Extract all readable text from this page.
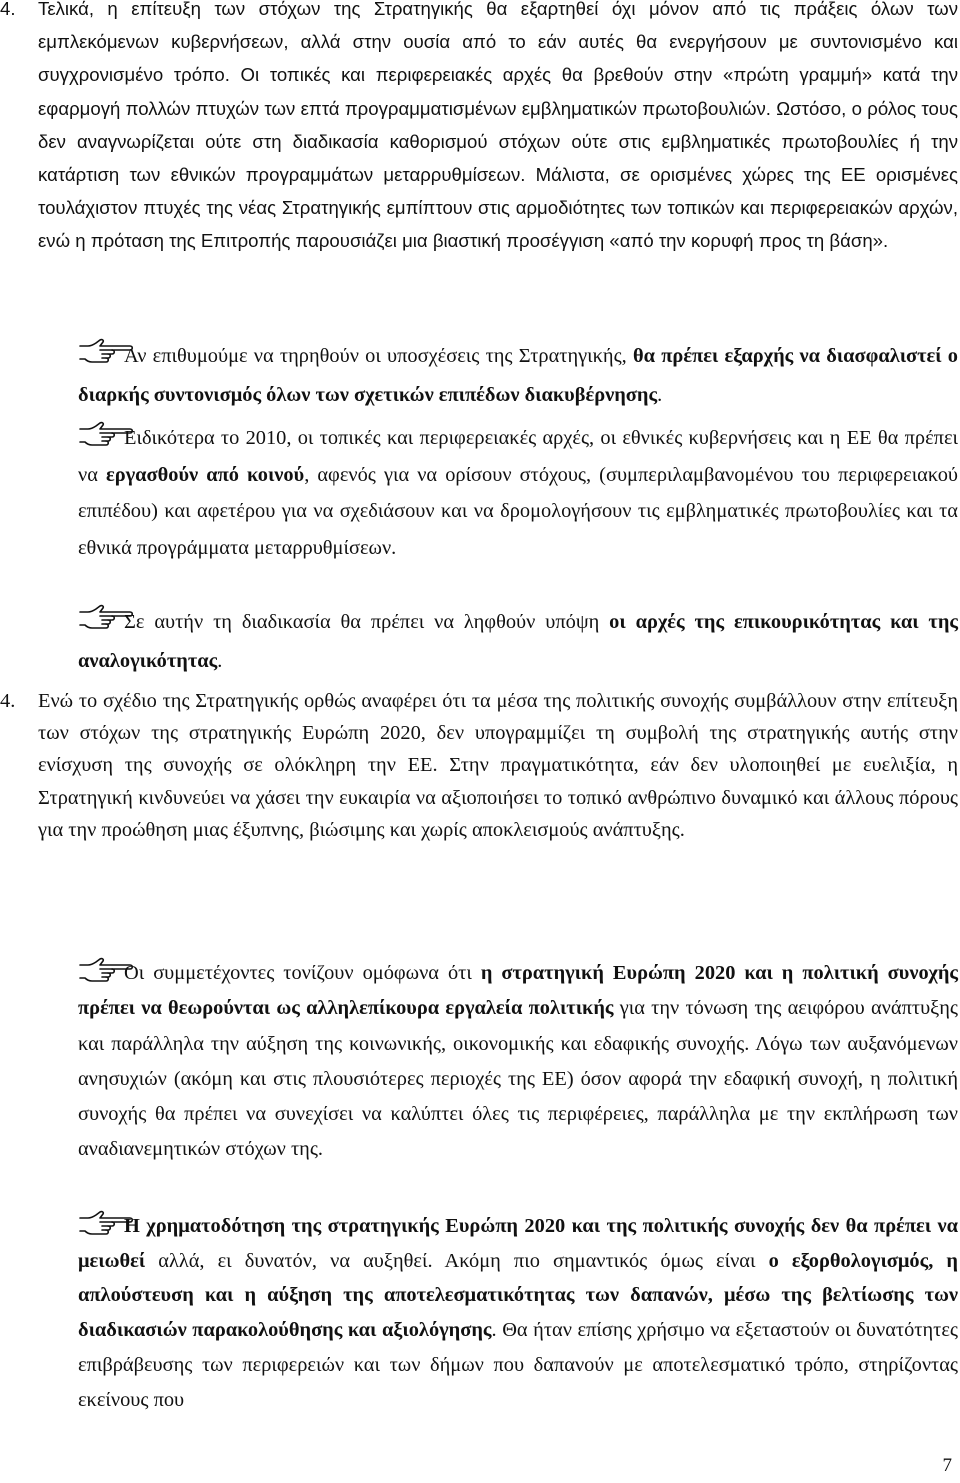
4. Τελικά, η επίτευξη των στόχων της Στρατηγικής θα εξαρτηθεί όχι μόνον από τις πράξεις όλων των εμπλεκόμενων κυβερνήσεων, αλλά στην ουσία από το εάν αυτές θα ενεργήσουν με συντονισμένο και συγχρονισμένο τρόπο. Οι τοπικές και περιφερειακές αρχές θα βρεθούν στην «πρώτη γραμμή» κατά την εφαρμογή πολλών πτυχών των επτά προγραμματισμένων εμβληματικών πρωτοβουλιών. Ωστόσο, ο ρόλος τους δεν αναγνωρίζεται ούτε στη διαδικασία καθορισμού στόχων ούτε στις εμβληματικές πρωτοβουλίες ή την κατάρτιση των εθνικών προγραμμάτων μεταρρυθμίσεων. Μάλιστα, σε ορισμένες χώρες της ΕΕ ορισμένες τουλάχιστον πτυχές της νέας Στρατηγικής εμπίπτουν στις αρμοδιότητες των τοπικών και περιφερειακών αρχών, ενώ η πρόταση της Επιτροπής παρουσιάζει μια βιαστική προσέγγιση «από την κορυφή προς τη βάση».

Αν επιθυμούμε να τηρηθούν οι υποσχέσεις της Στρατηγικής, θα πρέπει εξαρχής να διασφαλιστεί ο διαρκής συντονισμός όλων των σχετικών επιπέδων διακυβέρνησης.

Ειδικότερα το 2010, οι τοπικές και περιφερειακές αρχές, οι εθνικές κυβερνήσεις και η ΕΕ θα πρέπει να εργασθούν από κοινού, αφενός για να ορίσουν στόχους, (συμπεριλαμβανομένου του περιφερειακού επιπέδου) και αφετέρου για να σχεδιάσουν και να δρομολογήσουν τις εμβληματικές πρωτοβουλίες και τα εθνικά προγράμματα μεταρρυθμίσεων.

Σε αυτήν τη διαδικασία θα πρέπει να ληφθούν υπόψη οι αρχές της επικουρικότητας και της αναλογικότητας.

4. Ενώ το σχέδιο της Στρατηγικής ορθώς αναφέρει ότι τα μέσα της πολιτικής συνοχής συμβάλλουν στην επίτευξη των στόχων της στρατηγικής Ευρώπη 2020, δεν υπογραμμίζει τη συμβολή της στρατηγικής αυτής στην ενίσχυση της συνοχής σε ολόκληρη την ΕΕ. Στην πραγματικότητα, εάν δεν υλοποιηθεί με ευελιξία, η Στρατηγική κινδυνεύει να χάσει την ευκαιρία να αξιοποιήσει το τοπικό ανθρώπινο δυναμικό και άλλους πόρους για την προώθηση μιας έξυπνης, βιώσιμης και χωρίς αποκλεισμούς ανάπτυξης.

Οι συμμετέχοντες τονίζουν ομόφωνα ότι η στρατηγική Ευρώπη 2020 και η πολιτική συνοχής πρέπει να θεωρούνται ως αλληλεπίκουρα εργαλεία πολιτικής για την τόνωση της αειφόρου ανάπτυξης και παράλληλα την αύξηση της κοινωνικής, οικονομικής και εδαφικής συνοχής. Λόγω των αυξανόμενων ανησυχιών (ακόμη και στις πλουσιότερες περιοχές της ΕΕ) όσον αφορά την εδαφική συνοχή, η πολιτική συνοχής θα πρέπει να συνεχίσει να καλύπτει όλες τις περιφέρειες, παράλληλα με την εκπλήρωση των αναδιανεμητικών στόχων της.

Η χρηματοδότηση της στρατηγικής Ευρώπη 2020 και της πολιτικής συνοχής δεν θα πρέπει να μειωθεί αλλά, ει δυνατόν, να αυξηθεί. Ακόμη πιο σημαντικός όμως είναι ο εξορθολογισμός, η απλούστευση και η αύξηση της αποτελεσματικότητας των δαπανών, μέσω της βελτίωσης των διαδικασιών παρακολούθησης και αξιολόγησης. Θα ήταν επίσης χρήσιμο να εξεταστούν οι δυνατότητες επιβράβευσης των περιφερειών και των δήμων που δαπανούν με αποτελεσματικό τρόπο, στηρίζοντας εκείνους που

7
